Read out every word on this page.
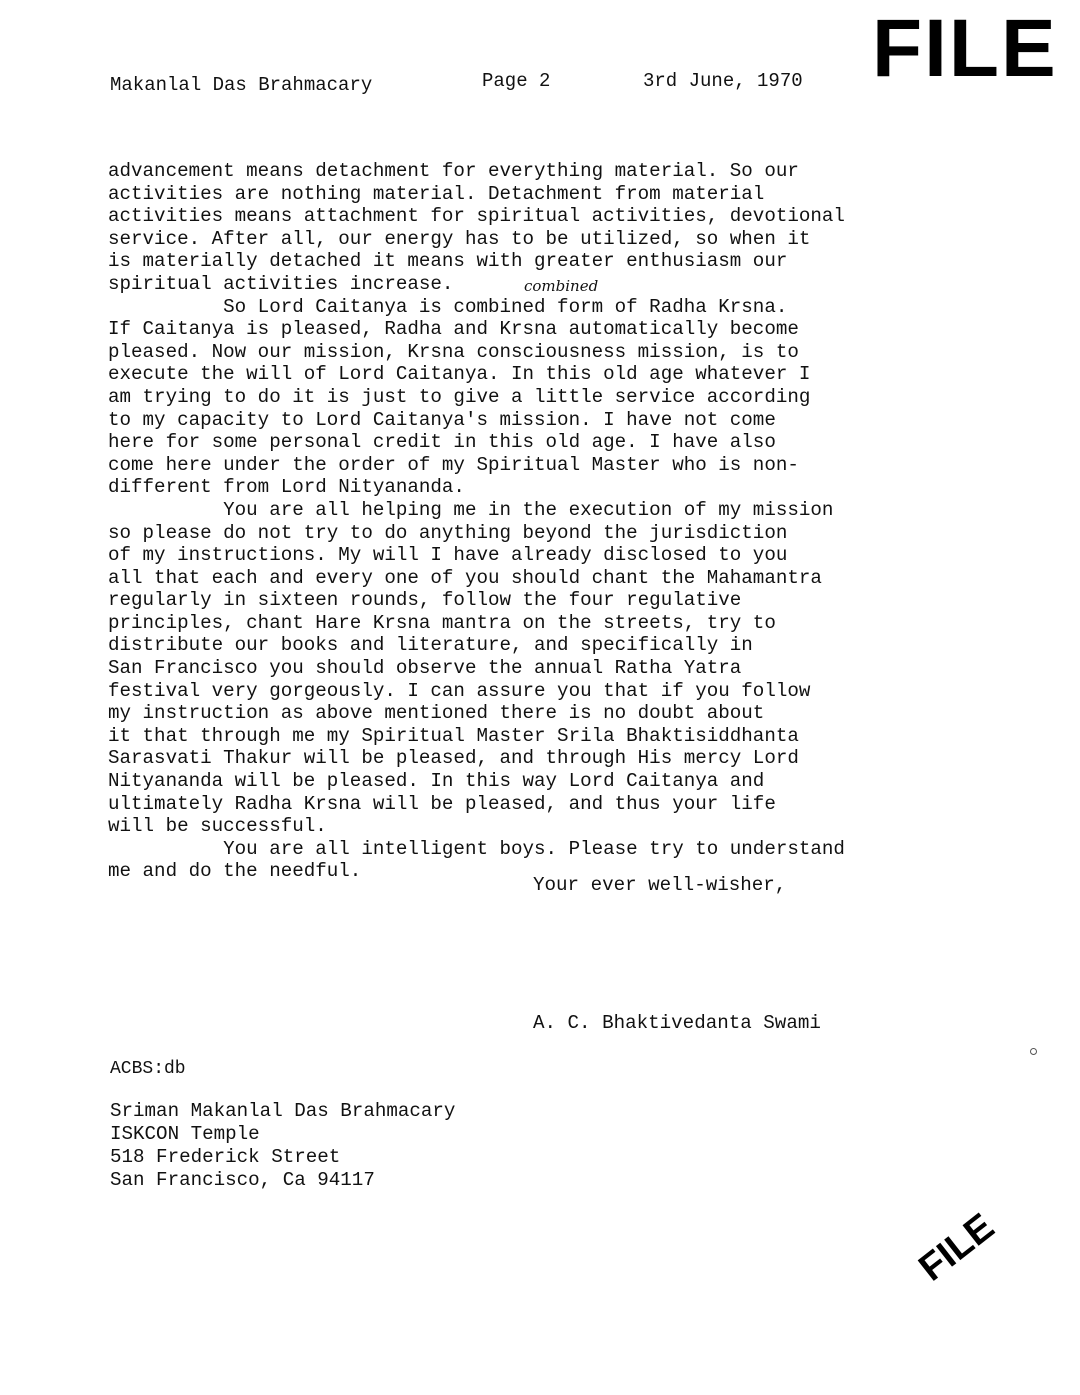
FILE
Makanlal Das Brahmacary	Page 2	3rd June, 1970
combined
advancement means detachment for everything material. So our
activities are nothing material. Detachment from material
activities means attachment for spiritual activities, devotional
service. After all, our energy has to be utilized, so when it
is materially detached it means with greater enthusiasm our
spiritual activities increase.
So Lord Caitanya is combined form of Radha Krsna.
If Caitanya is pleased, Radha and Krsna automatically become
pleased. Now our mission, Krsna consciousness mission, is to
execute the will of Lord Caitanya. In this old age whatever I
am trying to do it is just to give a little service according
to my capacity to Lord Caitanya's mission. I have not come
here for some personal credit in this old age. I have also
come here under the order of my Spiritual Master who is non-
different from Lord Nityananda.
You are all helping me in the execution of my mission
so please do not try to do anything beyond the jurisdiction
of my instructions. My will I have already disclosed to you
all that each and every one of you should chant the Mahamantra
regularly in sixteen rounds, follow the four regulative
principles, chant Hare Krsna mantra on the streets, try to
distribute our books and literature, and specifically in
San Francisco you should observe the annual Ratha Yatra
festival very gorgeously. I can assure you that if you follow
my instruction as above mentioned there is no doubt about
it that through me my Spiritual Master Srila Bhaktisiddhanta
Sarasvati Thakur will be pleased, and through His mercy Lord
Nityananda will be pleased. In this way Lord Caitanya and
ultimately Radha Krsna will be pleased, and thus your life
will be successful.
You are all intelligent boys. Please try to understand
me and do the needful.
Your ever well-wisher,
A. C. Bhaktivedanta Swami
ACBS:db
Sriman Makanlal Das Brahmacary
ISKCON Temple
518 Frederick Street
San Francisco, Ca 94117
FILE
